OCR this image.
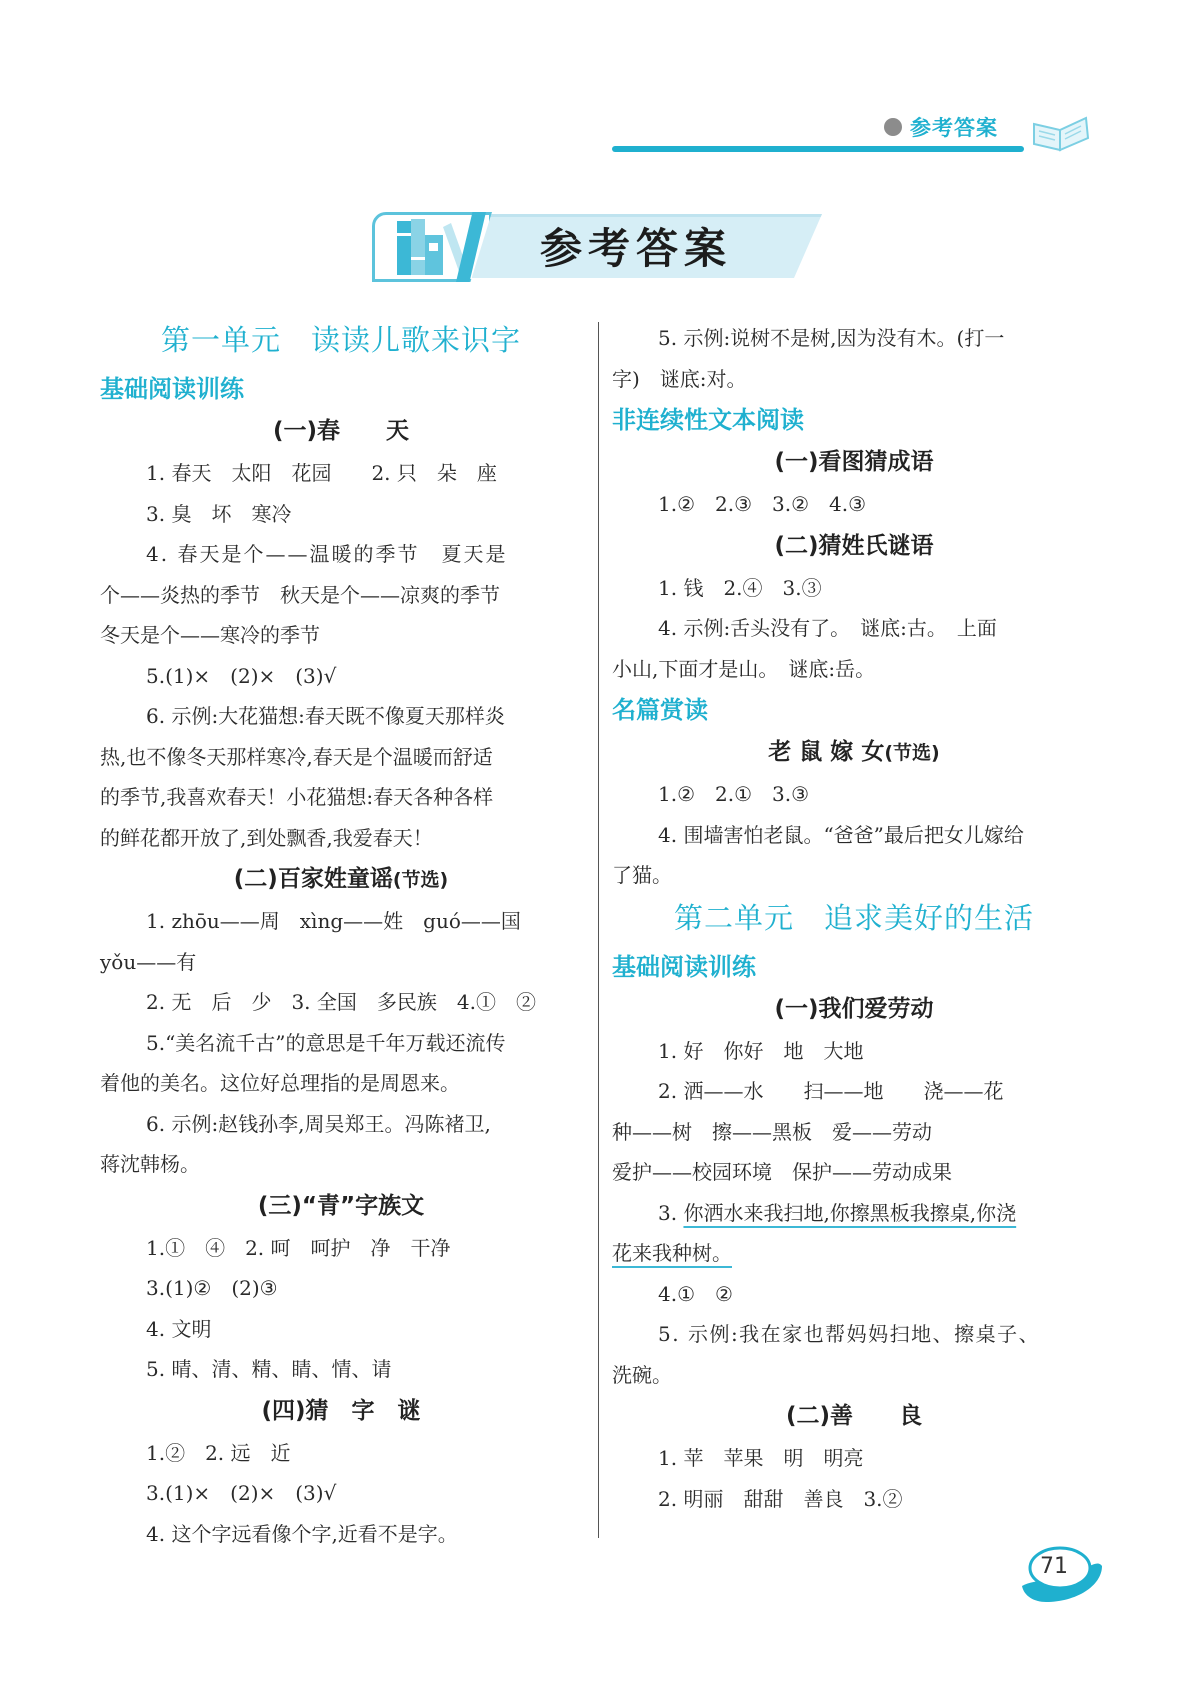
参考答案
参考答案
第一单元 读读儿歌来识字
基础阅读训练
(一)春　　天
1. 春天　太阳　花园　　2. 只　朵　座
3. 臭　坏　寒冷
4. 春天是个——温暖的季节　夏天是
个——炎热的季节　秋天是个——凉爽的季节
冬天是个——寒冷的季节
5.(1)×　(2)×　(3)√
6. 示例:大花猫想:春天既不像夏天那样炎
热,也不像冬天那样寒冷,春天是个温暖而舒适
的季节,我喜欢春天！小花猫想:春天各种各样
的鲜花都开放了,到处飘香,我爱春天！
(二)百家姓童谣(节选)
1. zhōu——周　xìng——姓　guó——国
yǒu——有
2. 无　后　少　3. 全国　多民族　4.①　②
5.“美名流千古”的意思是千年万载还流传
着他的美名。这位好总理指的是周恩来。
6. 示例:赵钱孙李,周吴郑王。冯陈褚卫,
蒋沈韩杨。
(三)“青”字族文
1.①　④　2. 呵　呵护　净　干净
3.(1)②　(2)③
4. 文明
5. 晴、清、精、睛、情、请
(四)猜　字　谜
1.②　2. 远　近
3.(1)×　(2)×　(3)√
4. 这个字远看像个字,近看不是字。
5. 示例:说树不是树,因为没有木。(打一
字)　谜底:对。
非连续性文本阅读
(一)看图猜成语
1.②　2.③　3.②　4.③
(二)猜姓氏谜语
1. 钱　2.④　3.③
4. 示例:舌头没有了。　谜底:古。　上面
小山,下面才是山。　谜底:岳。
名篇赏读
老 鼠 嫁 女(节选)
1.②　2.①　3.③
4. 围墙害怕老鼠。“爸爸”最后把女儿嫁给
了猫。
第二单元 追求美好的生活
基础阅读训练
(一)我们爱劳动
1. 好　你好　地　大地
2. 洒——水　　扫——地　　浇——花
种——树　擦——黑板　爱——劳动
爱护——校园环境　保护——劳动成果
3. 你洒水来我扫地,你擦黑板我擦桌,你浇
花来我种树。
4.①　②
5. 示例:我在家也帮妈妈扫地、擦桌子、
洗碗。
(二)善　　良
1. 苹　苹果　明　明亮
2. 明丽　甜甜　善良　3.②
71
